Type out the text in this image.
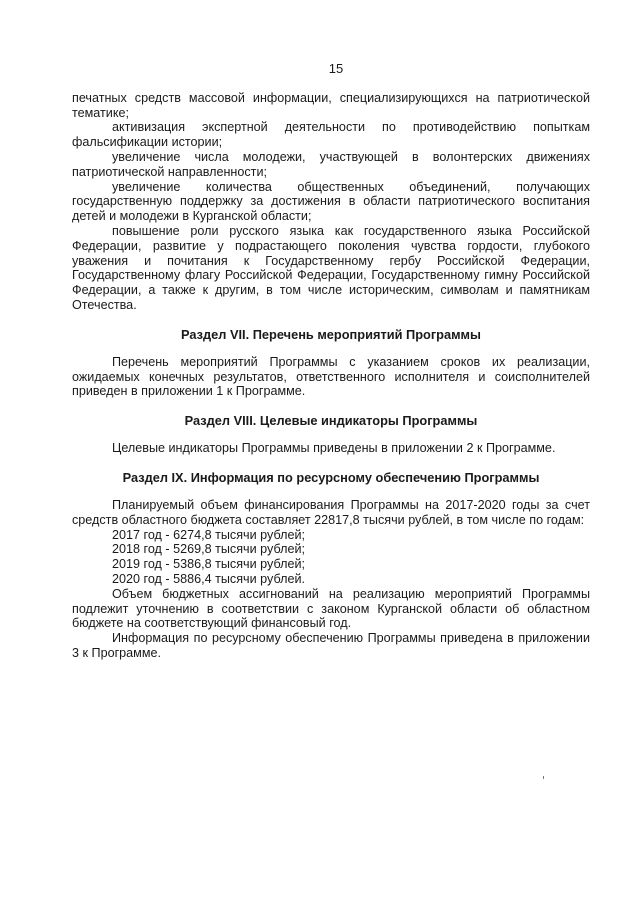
15

печатных средств массовой информации, специализирующихся на патриотической тематике;

активизация экспертной деятельности по противодействию попыткам фальсификации истории;

увеличение числа молодежи, участвующей в волонтерских движениях патриотической направленности;

увеличение количества общественных объединений, получающих государственную поддержку за достижения в области патриотического воспитания детей и молодежи в Курганской области;

повышение роли русского языка как государственного языка Российской Федерации, развитие у подрастающего поколения чувства гордости, глубокого уважения и почитания к Государственному гербу Российской Федерации, Государственному флагу Российской Федерации, Государственному гимну Российской Федерации, а также к другим, в том числе историческим, символам и памятникам Отечества.

Раздел VII. Перечень мероприятий Программы

Перечень мероприятий Программы с указанием сроков их реализации, ожидаемых конечных результатов, ответственного исполнителя и соисполнителей приведен в приложении 1 к Программе.

Раздел VIII. Целевые индикаторы Программы

Целевые индикаторы Программы приведены в приложении 2 к Программе.

Раздел IX. Информация по ресурсному обеспечению Программы

Планируемый объем финансирования Программы на 2017-2020 годы за счет средств областного бюджета составляет 22817,8 тысячи рублей, в том числе по годам:

2017 год - 6274,8 тысячи рублей;

2018 год - 5269,8 тысячи рублей;

2019 год - 5386,8 тысячи рублей;

2020 год - 5886,4 тысячи рублей.

Объем бюджетных ассигнований на реализацию мероприятий Программы подлежит уточнению в соответствии с законом Курганской области об областном бюджете на соответствующий финансовый год.

Информация по ресурсному обеспечению Программы приведена в приложении 3 к Программе.
